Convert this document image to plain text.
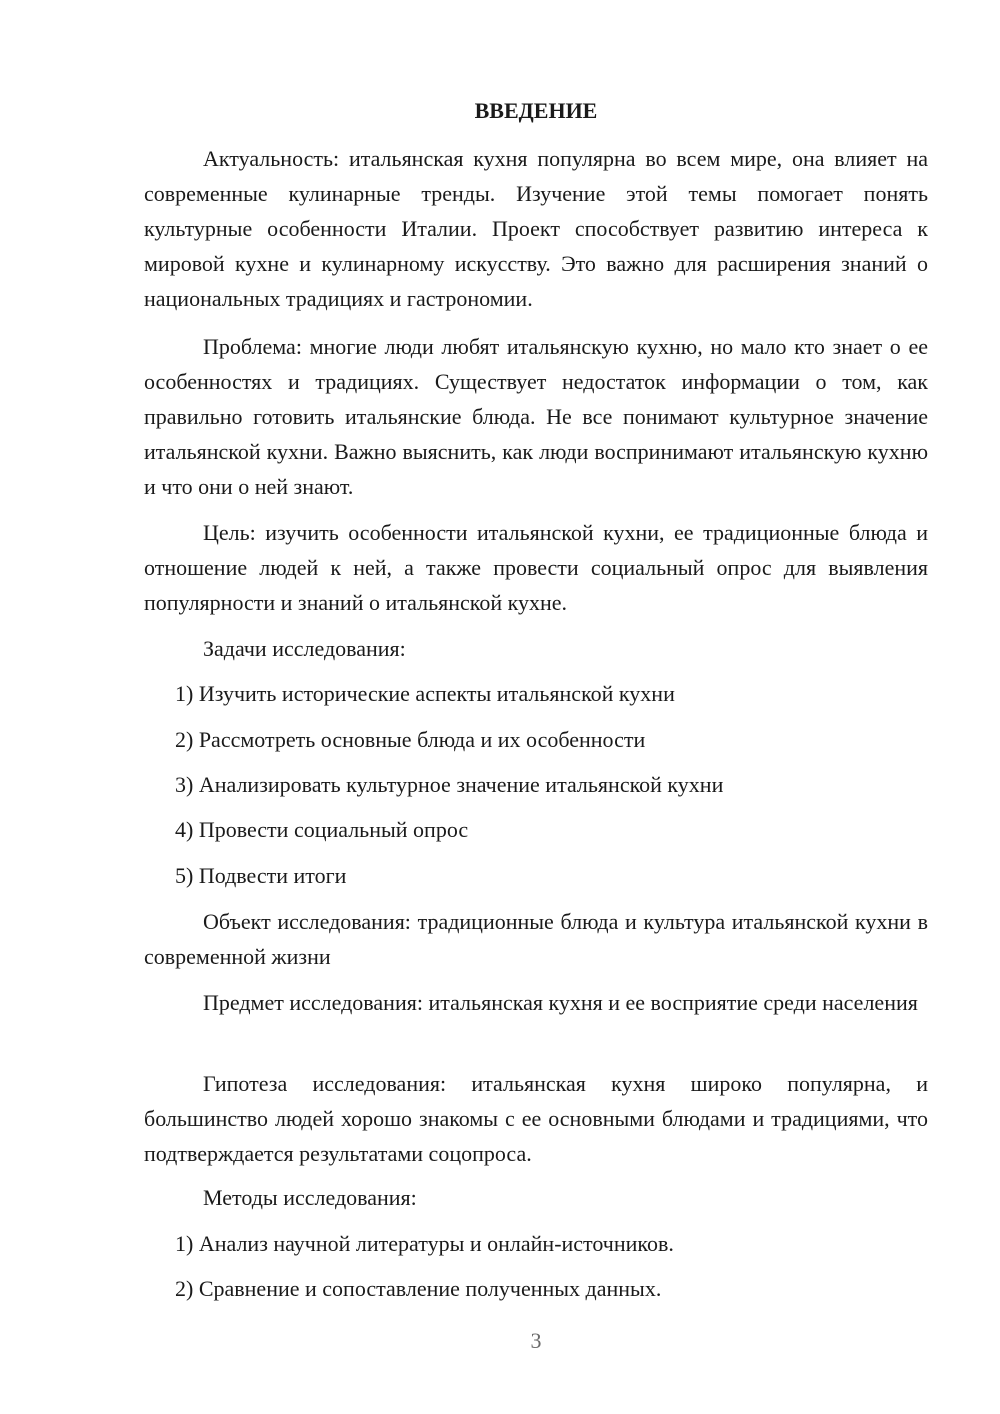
ВВЕДЕНИЕ
Актуальность: итальянская кухня популярна во всем мире, она влияет на современные кулинарные тренды. Изучение этой темы помогает понять культурные особенности Италии. Проект способствует развитию интереса к мировой кухне и кулинарному искусству. Это важно для расширения знаний о национальных традициях и гастрономии.
Проблема: многие люди любят итальянскую кухню, но мало кто знает о ее особенностях и традициях. Существует недостаток информации о том, как правильно готовить итальянские блюда. Не все понимают культурное значение итальянской кухни. Важно выяснить, как люди воспринимают итальянскую кухню и что они о ней знают.
Цель: изучить особенности итальянской кухни, ее традиционные блюда и отношение людей к ней, а также провести социальный опрос для выявления популярности и знаний о итальянской кухне.
Задачи исследования:
1) Изучить исторические аспекты итальянской кухни
2) Рассмотреть основные блюда и их особенности
3) Анализировать культурное значение итальянской кухни
4) Провести социальный опрос
5) Подвести итоги
Объект исследования: традиционные блюда и культура итальянской кухни в современной жизни
Предмет исследования: итальянская кухня и ее восприятие среди населения
Гипотеза исследования: итальянская кухня широко популярна, и большинство людей хорошо знакомы с ее основными блюдами и традициями, что подтверждается результатами соцопроса.
Методы исследования:
1) Анализ научной литературы и онлайн-источников.
2) Сравнение и сопоставление полученных данных.
3
